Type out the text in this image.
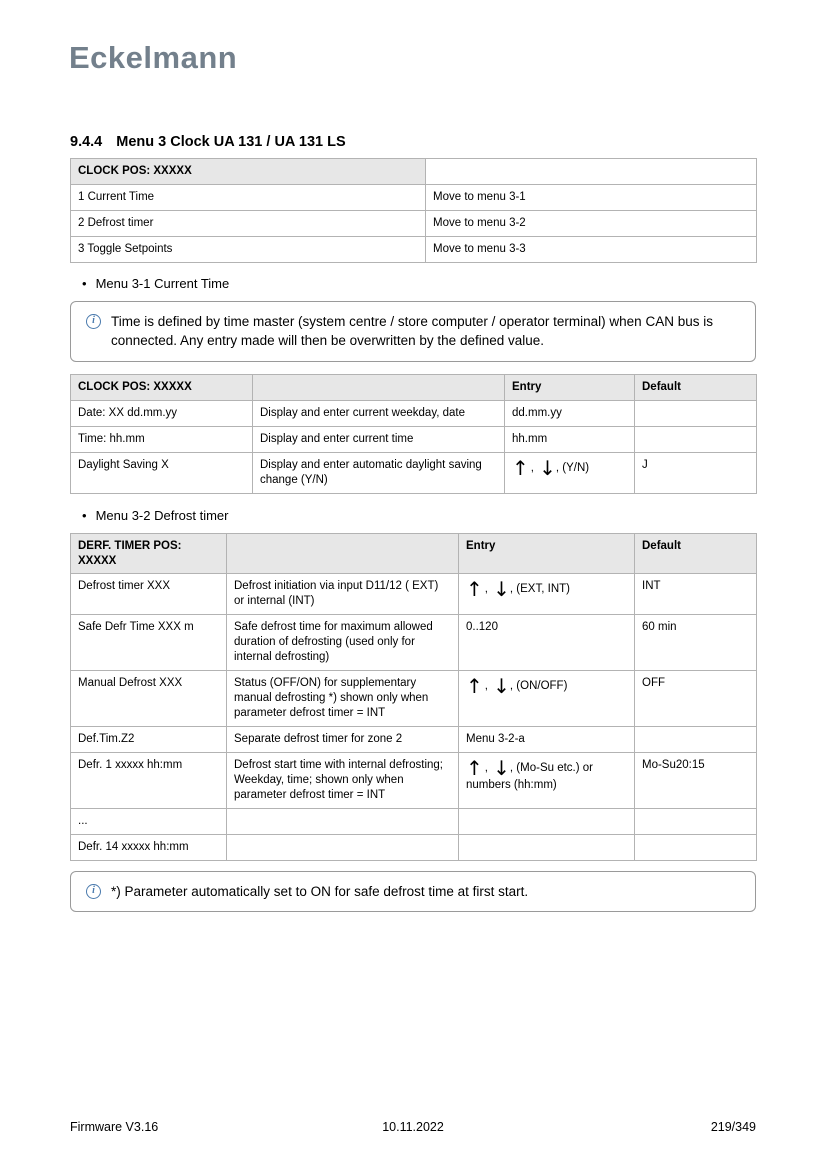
Eckelmann
9.4.4 Menu 3 Clock UA 131 / UA 131 LS
CLOCK POS: XXXXX	
1 Current Time	Move to menu 3-1
2 Defrost timer	Move to menu 3-2
3 Toggle Setpoints	Move to menu 3-3
• Menu 3-1 Current Time
i	Time is defined by time master (system centre / store computer / operator terminal) when CAN bus is connected. Any entry made will then be overwritten by the defined value.
CLOCK POS: XXXXX		Entry	Default
Date: XX dd.mm.yy	Display and enter current weekday, date	dd.mm.yy	
Time: hh.mm	Display and enter current time	hh.mm	
Daylight Saving X	Display and enter automatic daylight saving change (Y/N)	↑ , ↓, (Y/N)	J
• Menu 3-2 Defrost timer
DERF. TIMER POS: XXXXX		Entry	Default
Defrost timer XXX	Defrost initiation via input D11/12 ( EXT) or internal (INT)	↑ , ↓, (EXT, INT)	INT
Safe Defr Time XXX m	Safe defrost time for maximum allowed duration of defrosting (used only for internal defrosting)	0..120	60 min
Manual Defrost XXX	Status (OFF/ON) for supplementary manual defrosting *) shown only when parameter defrost timer = INT	↑ , ↓, (ON/OFF)	OFF
Def.Tim.Z2	Separate defrost timer for zone 2	Menu 3-2-a	
Defr. 1 xxxxx hh:mm	Defrost start time with internal defrosting; Weekday, time; shown only when parameter defrost timer = INT	↑ , ↓, (Mo-Su etc.) or numbers (hh:mm)	Mo-Su20:15
...			
Defr. 14 xxxxx hh:mm			
i	*) Parameter automatically set to ON for safe defrost time at first start.
Firmware V3.16	10.11.2022	219/349
